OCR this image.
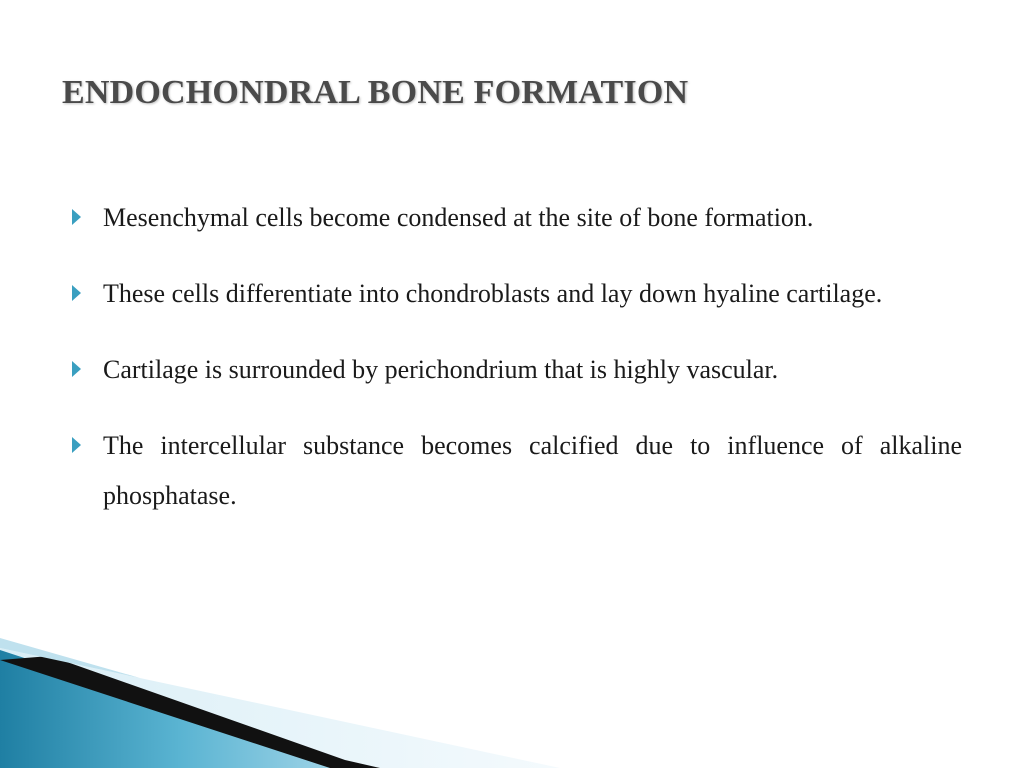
ENDOCHONDRAL BONE FORMATION
Mesenchymal cells become condensed at the site of bone formation.
These cells differentiate into chondroblasts and lay down hyaline cartilage.
Cartilage is surrounded by perichondrium that is highly vascular.
The intercellular substance becomes calcified due to influence of alkaline phosphatase.
